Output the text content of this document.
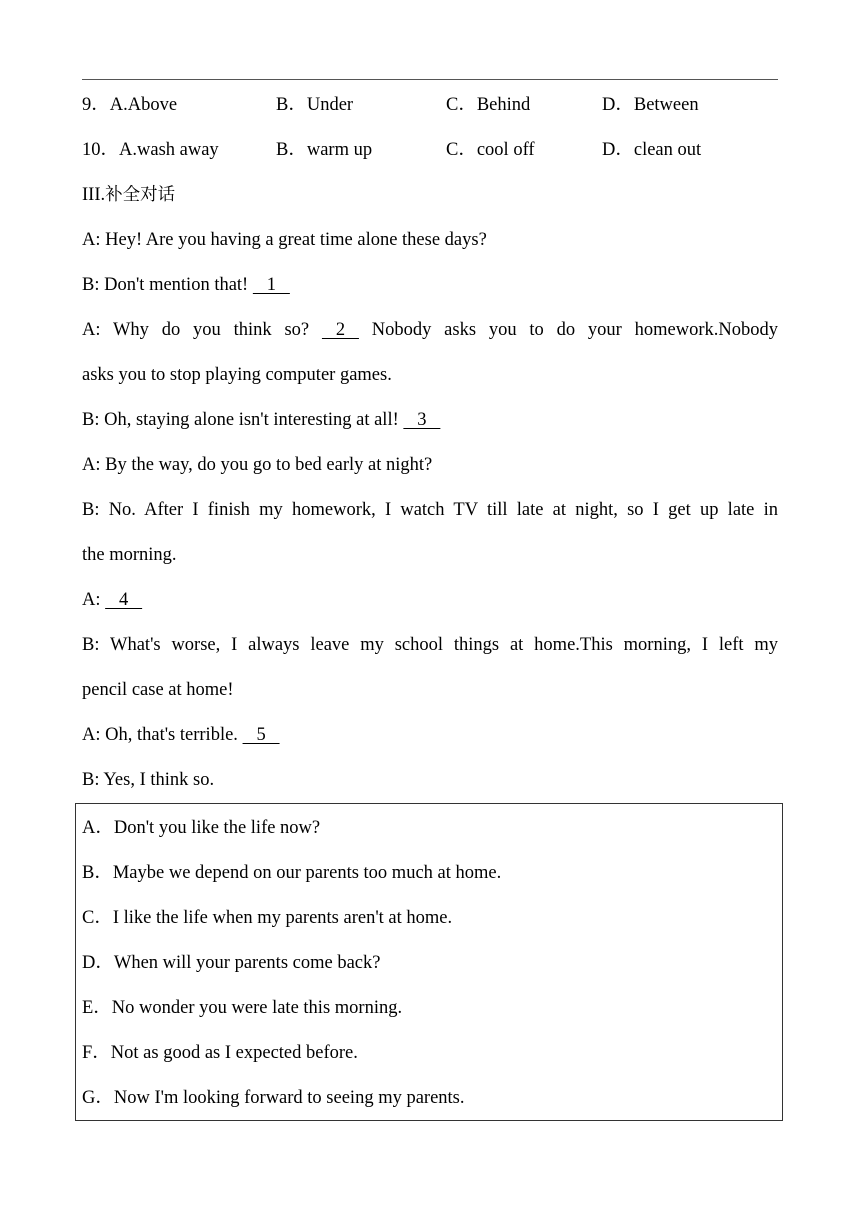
9．A.Above	B．Under	C．Behind	D．Between
10．A.wash away	B．warm up	C．cool off	D．clean out
III.补全对话
A: Hey! Are you having a great time alone these days?
B: Don't mention that!    1
A: Why do you think so?    2    Nobody asks you to do your homework.Nobody
asks you to stop playing computer games.
B: Oh, staying alone isn't interesting at all!    3
A: By the way, do you go to bed early at night?
B: No. After I finish my homework, I watch TV till late at night, so I get up late in
the morning.
A:    4
B: What's worse, I always leave my school things at home.This morning, I left my
pencil case at home!
A: Oh, that's terrible.    5
B: Yes, I think so.
A．Don't you like the life now?
B．Maybe we depend on our parents too much at home.
C．I like the life when my parents aren't at home.
D．When will your parents come back?
E．No wonder you were late this morning.
F．Not as good as I expected before.
G．Now I'm looking forward to seeing my parents.
